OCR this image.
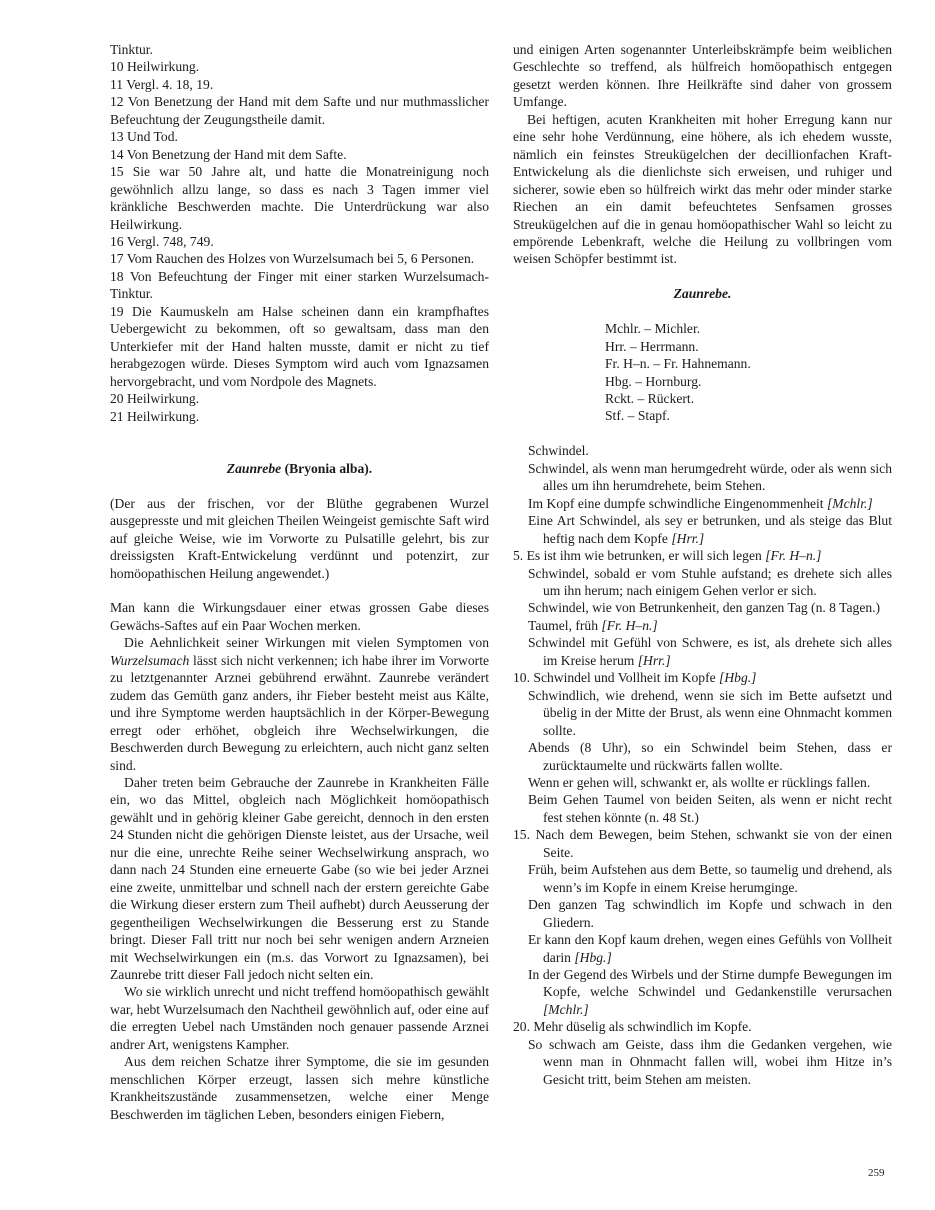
Tinktur.

10 Heilwirkung.

11 Vergl. 4. 18, 19.

12 Von Benetzung der Hand mit dem Safte und nur muthmasslicher Befeuchtung der Zeugungstheile damit.

13 Und Tod.

14 Von Benetzung der Hand mit dem Safte.

15 Sie war 50 Jahre alt, und hatte die Monatreinigung noch gewöhnlich allzu lange, so dass es nach 3 Tagen immer viel kränkliche Beschwerden machte. Die Unterdrückung war also Heilwirkung.

16 Vergl. 748, 749.

17 Vom Rauchen des Holzes von Wurzelsumach bei 5, 6 Personen.

18 Von Befeuchtung der Finger mit einer starken Wurzelsumach-Tinktur.

19 Die Kaumuskeln am Halse scheinen dann ein krampfhaftes Uebergewicht zu bekommen, oft so gewaltsam, dass man den Unterkiefer mit der Hand halten musste, damit er nicht zu tief herabgezogen würde. Dieses Symptom wird auch vom Ignazsamen hervorgebracht, und vom Nordpole des Magnets.

20 Heilwirkung.

21 Heilwirkung.

Zaunrebe (Bryonia alba).

(Der aus der frischen, vor der Blüthe gegrabenen Wurzel ausgepresste und mit gleichen Theilen Weingeist gemischte Saft wird auf gleiche Weise, wie im Vorworte zu Pulsatille gelehrt, bis zur dreissigsten Kraft-Entwickelung verdünnt und potenzirt, zur homöopathischen Heilung angewendet.)

Man kann die Wirkungsdauer einer etwas grossen Gabe dieses Gewächs-Saftes auf ein Paar Wochen merken.

Die Aehnlichkeit seiner Wirkungen mit vielen Symptomen von Wurzelsumach lässt sich nicht verkennen; ich habe ihrer im Vorworte zu letztgenannter Arznei gebührend erwähnt. Zaunrebe verändert zudem das Gemüth ganz anders, ihr Fieber besteht meist aus Kälte, und ihre Symptome werden hauptsächlich in der Körper-Bewegung erregt oder erhöhet, obgleich ihre Wechselwirkungen, die Beschwerden durch Bewegung zu erleichtern, auch nicht ganz selten sind.

Daher treten beim Gebrauche der Zaunrebe in Krankheiten Fälle ein, wo das Mittel, obgleich nach Möglichkeit homöopathisch gewählt und in gehörig kleiner Gabe gereicht, dennoch in den ersten 24 Stunden nicht die gehörigen Dienste leistet, aus der Ursache, weil nur die eine, unrechte Reihe seiner Wechselwirkung ansprach, wo dann nach 24 Stunden eine erneuerte Gabe (so wie bei jeder Arznei eine zweite, unmittelbar und schnell nach der erstern gereichte Gabe die Wirkung dieser erstern zum Theil aufhebt) durch Aeusserung der gegentheiligen Wechselwirkungen die Besserung erst zu Stande bringt. Dieser Fall tritt nur noch bei sehr wenigen andern Arzneien mit Wechselwirkungen ein (m.s. das Vorwort zu Ignazsamen), bei Zaunrebe tritt dieser Fall jedoch nicht selten ein.

Wo sie wirklich unrecht und nicht treffend homöopathisch gewählt war, hebt Wurzelsumach den Nachtheil gewöhnlich auf, oder eine auf die erregten Uebel nach Umständen noch genauer passende Arznei andrer Art, wenigstens Kampher.

Aus dem reichen Schatze ihrer Symptome, die sie im gesunden menschlichen Körper erzeugt, lassen sich mehre künstliche Krankheitszustände zusammensetzen, welche einer Menge Beschwerden im täglichen Leben, besonders einigen Fiebern,

und einigen Arten sogenannter Unterleibskrämpfe beim weiblichen Geschlechte so treffend, als hülfreich homöopathisch entgegen gesetzt werden können. Ihre Heilkräfte sind daher von grossem Umfange.

Bei heftigen, acuten Krankheiten mit hoher Erregung kann nur eine sehr hohe Verdünnung, eine höhere, als ich ehedem wusste, nämlich ein feinstes Streukügelchen der decillionfachen Kraft-Entwickelung als die dienlichste sich erweisen, und ruhiger und sicherer, sowie eben so hülfreich wirkt das mehr oder minder starke Riechen an ein damit befeuchtetes Senfsamen grosses Streukügelchen auf die in genau homöopathischer Wahl so leicht zu empörende Lebenkraft, welche die Heilung zu vollbringen vom weisen Schöpfer bestimmt ist.

Zaunrebe.

Mchlr. – Michler.

Hrr. – Herrmann.

Fr. H–n. – Fr. Hahnemann.

Hbg. – Hornburg.

Rckt. – Rückert.

Stf. – Stapf.

Schwindel.

Schwindel, als wenn man herumgedreht würde, oder als wenn sich alles um ihn herumdrehete, beim Stehen.

Im Kopf eine dumpfe schwindliche Eingenommenheit [Mchlr.]

Eine Art Schwindel, als sey er betrunken, und als steige das Blut heftig nach dem Kopfe [Hrr.]

5. Es ist ihm wie betrunken, er will sich legen [Fr. H–n.]

Schwindel, sobald er vom Stuhle aufstand; es drehete sich alles um ihn herum; nach einigem Gehen verlor er sich.

Schwindel, wie von Betrunkenheit, den ganzen Tag (n. 8 Tagen.)

Taumel, früh [Fr. H–n.]

Schwindel mit Gefühl von Schwere, es ist, als drehete sich alles im Kreise herum [Hrr.]

10. Schwindel und Vollheit im Kopfe [Hbg.]

Schwindlich, wie drehend, wenn sie sich im Bette aufsetzt und übelig in der Mitte der Brust, als wenn eine Ohnmacht kommen sollte.

Abends (8 Uhr), so ein Schwindel beim Stehen, dass er zurücktaumelte und rückwärts fallen wollte.

Wenn er gehen will, schwankt er, als wollte er rücklings fallen.

Beim Gehen Taumel von beiden Seiten, als wenn er nicht recht fest stehen könnte (n. 48 St.)

15. Nach dem Bewegen, beim Stehen, schwankt sie von der einen Seite.

Früh, beim Aufstehen aus dem Bette, so taumelig und drehend, als wenn’s im Kopfe in einem Kreise herumginge.

Den ganzen Tag schwindlich im Kopfe und schwach in den Gliedern.

Er kann den Kopf kaum drehen, wegen eines Gefühls von Vollheit darin [Hbg.]

In der Gegend des Wirbels und der Stirne dumpfe Bewegungen im Kopfe, welche Schwindel und Gedankenstille verursachen [Mchlr.]

20. Mehr düselig als schwindlich im Kopfe.

So schwach am Geiste, dass ihm die Gedanken vergehen, wie wenn man in Ohnmacht fallen will, wobei ihm Hitze in’s Gesicht tritt, beim Stehen am meisten.

259
